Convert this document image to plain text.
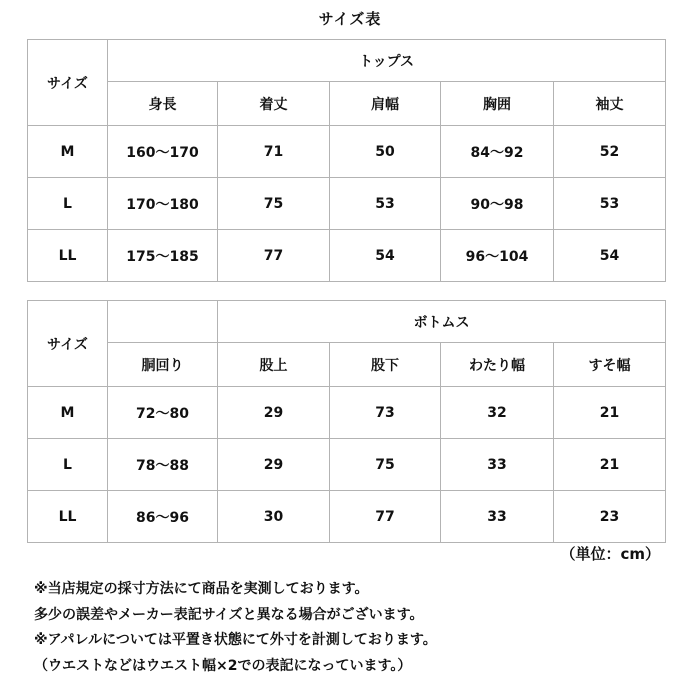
サイズ表
サイズ	トップス				
	身長	着丈	肩幅	胸囲	袖丈
M	160〜170	71	50	84〜92	52
L	170〜180	75	53	90〜98	53
LL	175〜185	77	54	96〜104	54
サイズ		ボトムス			
	胴回り	股上	股下	わたり幅	すそ幅
M	72〜80	29	73	32	21
L	78〜88	29	75	33	21
LL	86〜96	30	77	33	23
（単位：cm）
※当店規定の採寸方法にて商品を実測しております。
多少の誤差やメーカー表記サイズと異なる場合がございます。
※アパレルについては平置き状態にて外寸を計測しております。
（ウエストなどはウエスト幅×2での表記になっています。）
